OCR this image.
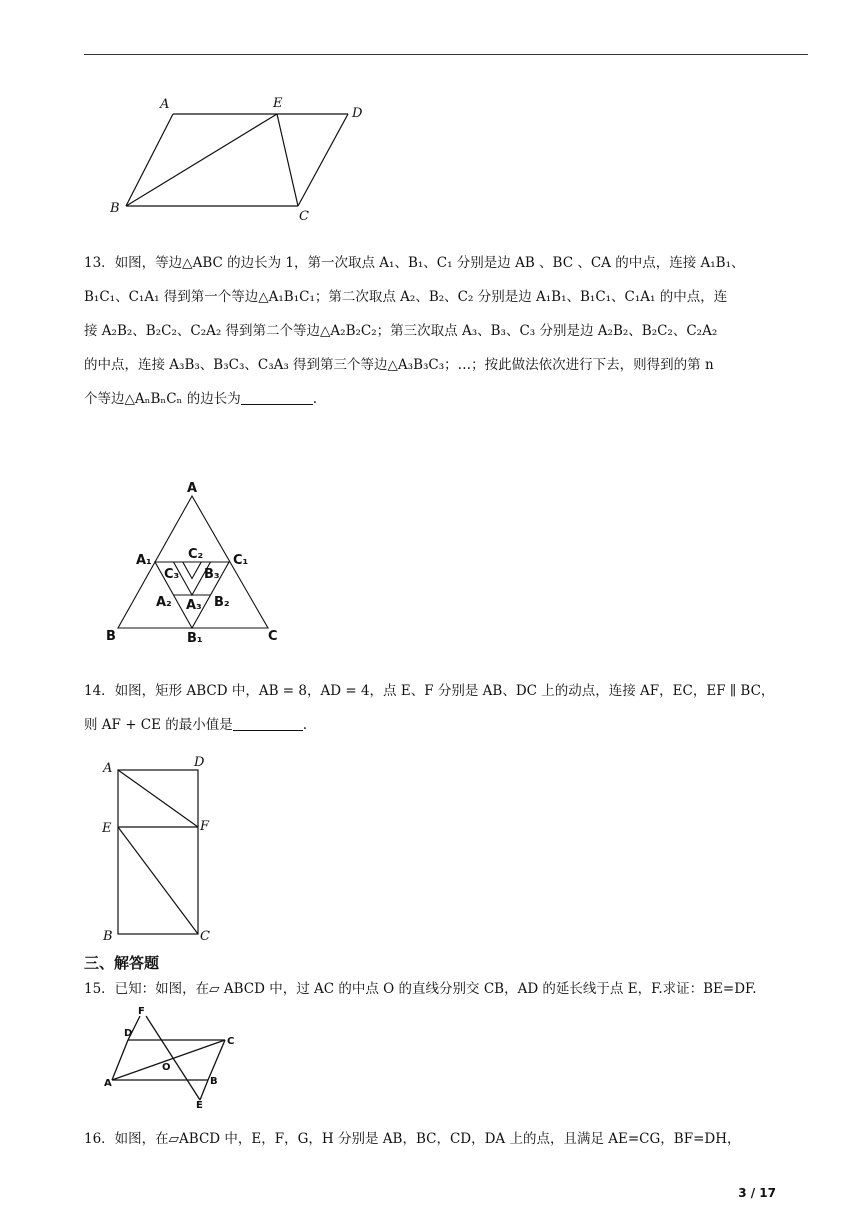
A	E
D
B
C
13．如图，等边△ABC 的边长为 1，第一次取点 A₁、B₁、C₁ 分别是边 AB 、BC 、CA 的中点，连接 A₁B₁、
B₁C₁、C₁A₁ 得到第一个等边△A₁B₁C₁；第二次取点 A₂、B₂、C₂ 分别是边 A₁B₁、B₁C₁、C₁A₁ 的中点，连
接 A₂B₂、B₂C₂、C₂A₂ 得到第二个等边△A₂B₂C₂；第三次取点 A₃、B₃、C₃ 分别是边 A₂B₂、B₂C₂、C₂A₂
的中点，连接 A₃B₃、B₃C₃、C₃A₃ 得到第三个等边△A₃B₃C₃；…；按此做法依次进行下去，则得到的第 n
个等边△AₙBₙCₙ 的边长为	.
A
A₁	C₂ C₁
C₃ B₃
A₂ A₃ B₂
B	B₁	C
14．如图，矩形 ABCD 中，AB = 8，AD = 4，点 E、F 分别是 AB、DC 上的动点，连接 AF，EC，EF ∥ BC，
则 AF + CE 的最小值是	.
A	D
E	F
B	C
三、解答题
15．已知：如图，在▱ ABCD 中，过 AC 的中点 O 的直线分别交 CB，AD 的延长线于点 E，F.求证：BE=DF.
F
D
C
O
A	B
E
16．如图，在▱ABCD 中，E，F，G，H 分别是 AB，BC，CD，DA 上的点，且满足 AE=CG，BF=DH，
3 / 17
